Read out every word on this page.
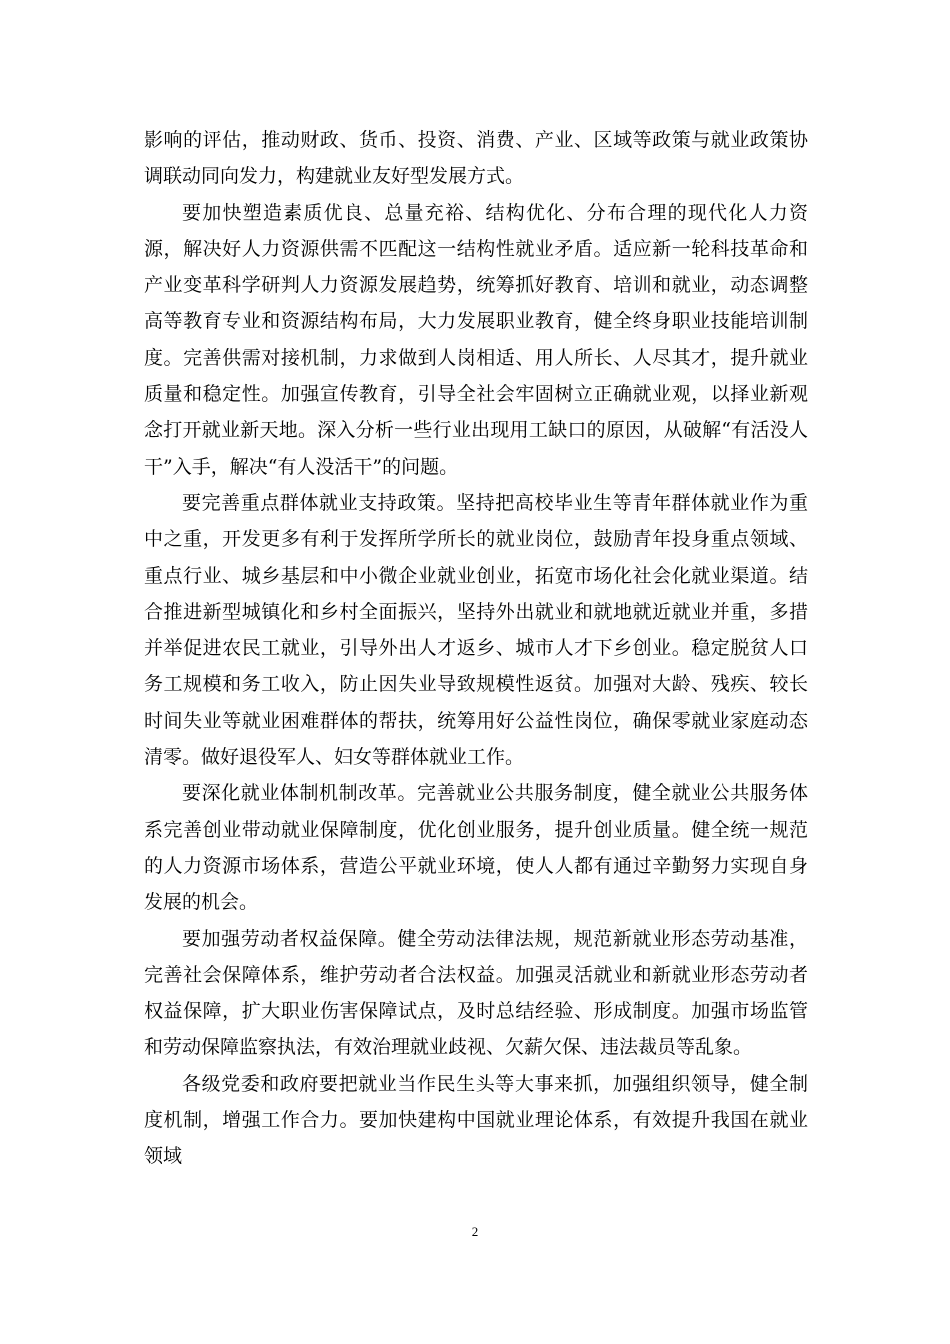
影响的评估，推动财政、货币、投资、消费、产业、区域等政策与就业政策协调联动同向发力，构建就业友好型发展方式。

要加快塑造素质优良、总量充裕、结构优化、分布合理的现代化人力资源，解决好人力资源供需不匹配这一结构性就业矛盾。适应新一轮科技革命和产业变革科学研判人力资源发展趋势，统筹抓好教育、培训和就业，动态调整高等教育专业和资源结构布局，大力发展职业教育，健全终身职业技能培训制度。完善供需对接机制，力求做到人岗相适、用人所长、人尽其才，提升就业质量和稳定性。加强宣传教育，引导全社会牢固树立正确就业观，以择业新观念打开就业新天地。深入分析一些行业出现用工缺口的原因，从破解“有活没人干”入手，解决“有人没活干”的问题。

要完善重点群体就业支持政策。坚持把高校毕业生等青年群体就业作为重中之重，开发更多有利于发挥所学所长的就业岗位，鼓励青年投身重点领域、重点行业、城乡基层和中小微企业就业创业，拓宽市场化社会化就业渠道。结合推进新型城镇化和乡村全面振兴，坚持外出就业和就地就近就业并重，多措并举促进农民工就业，引导外出人才返乡、城市人才下乡创业。稳定脱贫人口务工规模和务工收入，防止因失业导致规模性返贫。加强对大龄、残疾、较长时间失业等就业困难群体的帮扶，统筹用好公益性岗位，确保零就业家庭动态清零。做好退役军人、妇女等群体就业工作。

要深化就业体制机制改革。完善就业公共服务制度，健全就业公共服务体系完善创业带动就业保障制度，优化创业服务，提升创业质量。健全统一规范的人力资源市场体系，营造公平就业环境，使人人都有通过辛勤努力实现自身发展的机会。

要加强劳动者权益保障。健全劳动法律法规，规范新就业形态劳动基准，完善社会保障体系，维护劳动者合法权益。加强灵活就业和新就业形态劳动者权益保障，扩大职业伤害保障试点，及时总结经验、形成制度。加强市场监管和劳动保障监察执法，有效治理就业歧视、欠薪欠保、违法裁员等乱象。

各级党委和政府要把就业当作民生头等大事来抓，加强组织领导，健全制度机制，增强工作合力。要加快建构中国就业理论体系，有效提升我国在就业领域

2
